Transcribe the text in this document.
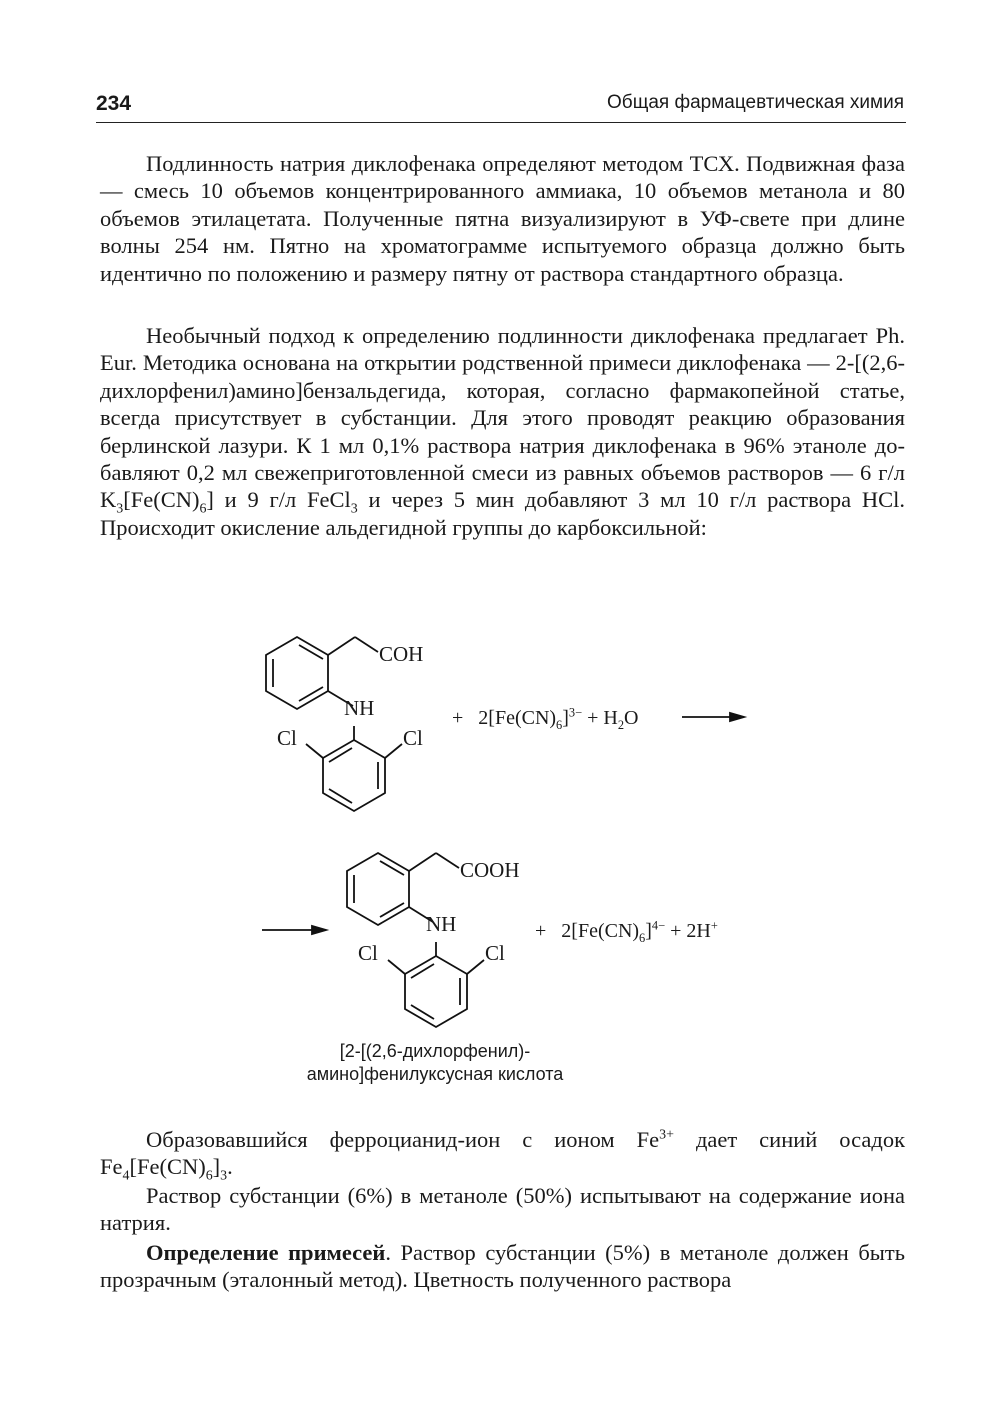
234	Общая фармацевтическая химия

Подлинность натрия диклофенака определяют методом ТСХ. Подвижная фаза — смесь 10 объемов концентрированного аммиака, 10 объемов метанола и 80 объемов этилацетата. Полученные пятна визуализируют в УФ-свете при длине волны 254 нм. Пятно на хроматограмме испытуемого образца должно быть идентично по положению и размеру пятну от раствора стандартного образца.

Необычный подход к определению подлинности диклофенака предлагает Ph. Eur. Методика основана на открытии родственной примеси диклофенака — 2-[(2,6-дихлорфенил)амино]бензальдегида, которая, согласно фармакопейной статье, всегда присутствует в субстанции. Для этого проводят реакцию образования берлинской лазури. К 1 мл 0,1% раствора натрия диклофенака в 96% этаноле добавляют 0,2 мл свежеприготовленной смеси из равных объемов растворов — 6 г/л $K_3[Fe(CN)_6]$ и 9 г/л FeCl$_3$ и через 5 мин добавляют 3 мл 10 г/л раствора HCl. Происходит окисление альдегидной группы до карбоксильной:

COH
NH
Cl	Cl
+ $2[Fe(CN)_6]^{3-} + H_2O$
COOH
NH
Cl	Cl
+ $2[Fe(CN)_6]^{4-} + 2H^+$
[2-[(2,6-дихлорфенил)-
амино]фенилуксусная кислота

Образовавшийся ферроцианид-ион с ионом $Fe^{3+}$ дает синий осадок $Fe_4[Fe(CN)_6]_3$.

Раствор субстанции (6%) в метаноле (50%) испытывают на содержание иона натрия.

Определение примесей. Раствор субстанции (5%) в метаноле должен быть прозрачным (эталонный метод). Цветность полученного раствора
